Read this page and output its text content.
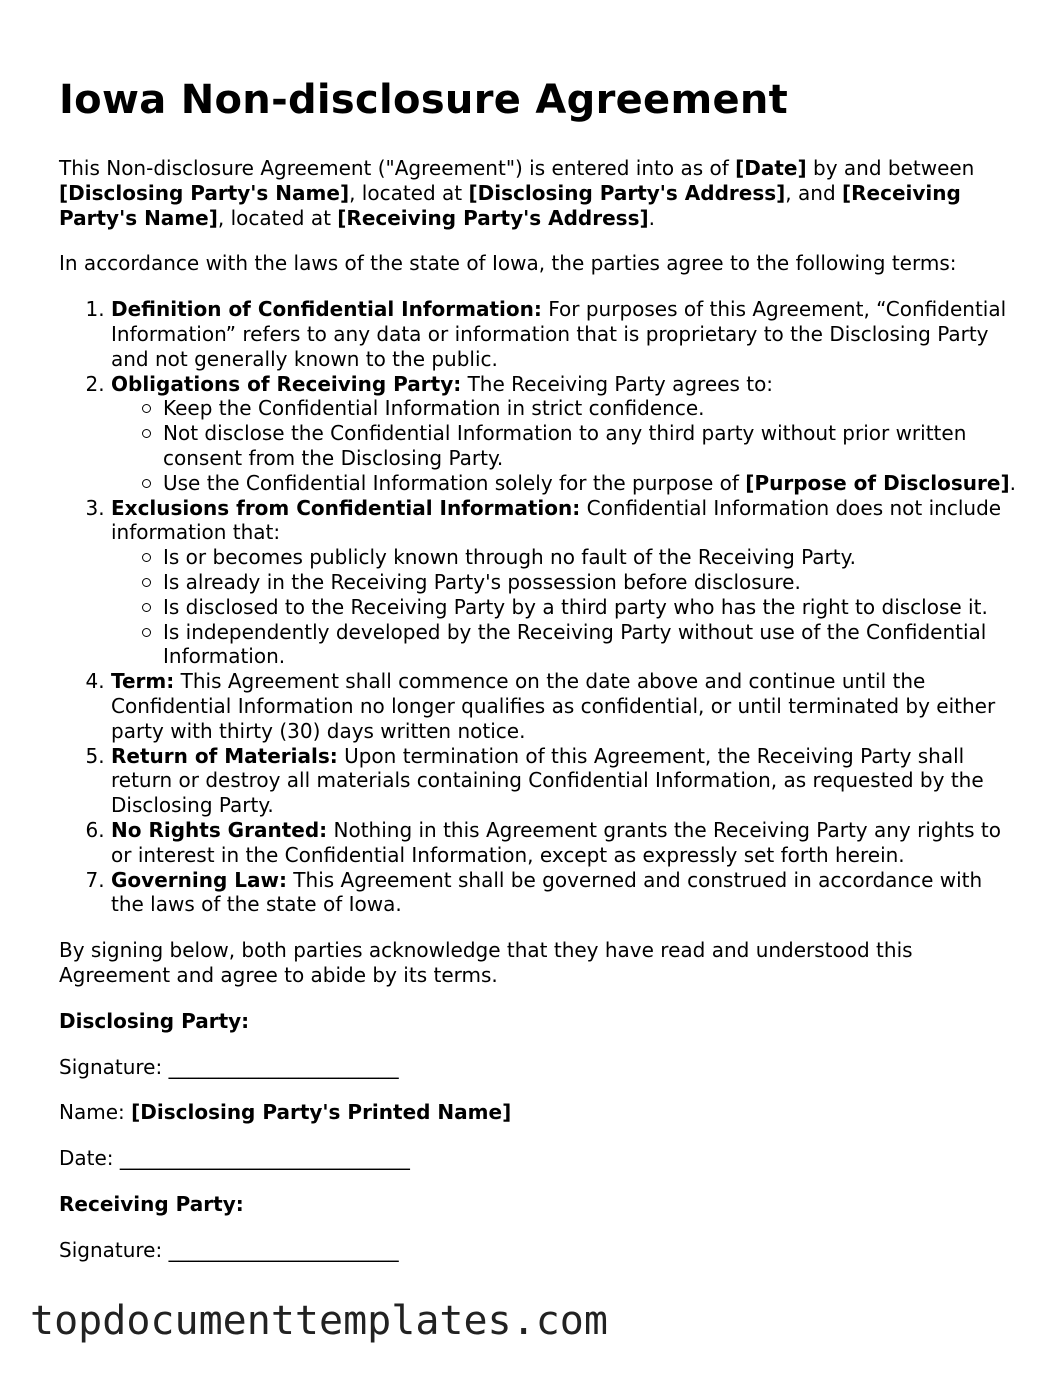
Iowa Non-disclosure Agreement

This Non-disclosure Agreement ("Agreement") is entered into as of [Date] by and between [Disclosing Party's Name], located at [Disclosing Party's Address], and [Receiving Party's Name], located at [Receiving Party's Address].

In accordance with the laws of the state of Iowa, the parties agree to the following terms:

1. Definition of Confidential Information: For purposes of this Agreement, “Confidential Information” refers to any data or information that is proprietary to the Disclosing Party and not generally known to the public.
2. Obligations of Receiving Party: The Receiving Party agrees to:
Keep the Confidential Information in strict confidence.
Not disclose the Confidential Information to any third party without prior written consent from the Disclosing Party.
Use the Confidential Information solely for the purpose of [Purpose of Disclosure].
3. Exclusions from Confidential Information: Confidential Information does not include information that:
Is or becomes publicly known through no fault of the Receiving Party.
Is already in the Receiving Party's possession before disclosure.
Is disclosed to the Receiving Party by a third party who has the right to disclose it.
Is independently developed by the Receiving Party without use of the Confidential Information.
4. Term: This Agreement shall commence on the date above and continue until the Confidential Information no longer qualifies as confidential, or until terminated by either party with thirty (30) days written notice.
5. Return of Materials: Upon termination of this Agreement, the Receiving Party shall return or destroy all materials containing Confidential Information, as requested by the Disclosing Party.
6. No Rights Granted: Nothing in this Agreement grants the Receiving Party any rights to or interest in the Confidential Information, except as expressly set forth herein.
7. Governing Law: This Agreement shall be governed and construed in accordance with the laws of the state of Iowa.

By signing below, both parties acknowledge that they have read and understood this Agreement and agree to abide by its terms.

Disclosing Party:

Signature: _______________________

Name: [Disclosing Party's Printed Name]

Date: _____________________________

Receiving Party:

Signature: _______________________

topdocumenttemplates.com
